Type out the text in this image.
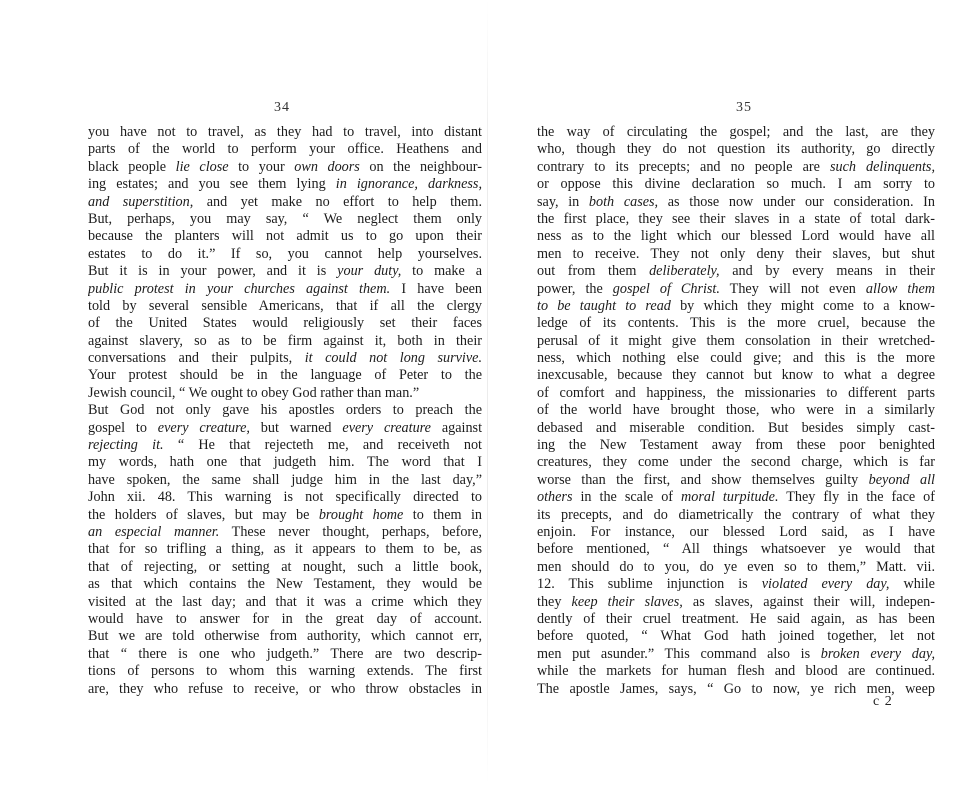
34
you have not to travel, as they had to travel, into distant
parts of the world to perform your office. Heathens and
black people lie close to your own doors on the neighbour-
ing estates; and you see them lying in ignorance, darkness,
and superstition, and yet make no effort to help them.
But, perhaps, you may say, “ We neglect them only
because the planters will not admit us to go upon their
estates to do it.” If so, you cannot help yourselves.
But it is in your power, and it is your duty, to make a
public protest in your churches against them. I have been
told by several sensible Americans, that if all the clergy
of the United States would religiously set their faces
against slavery, so as to be firm against it, both in their
conversations and their pulpits, it could not long survive.
Your protest should be in the language of Peter to the
Jewish council, “ We ought to obey God rather than man.”
But God not only gave his apostles orders to preach the
gospel to every creature, but warned every creature against
rejecting it. “ He that rejecteth me, and receiveth not
my words, hath one that judgeth him. The word that I
have spoken, the same shall judge him in the last day,”
John xii. 48. This warning is not specifically directed to
the holders of slaves, but may be brought home to them in
an especial manner. These never thought, perhaps, before,
that for so trifling a thing, as it appears to them to be, as
that of rejecting, or setting at nought, such a little book,
as that which contains the New Testament, they would be
visited at the last day; and that it was a crime which they
would have to answer for in the great day of account.
But we are told otherwise from authority, which cannot err,
that “ there is one who judgeth.” There are two descrip-
tions of persons to whom this warning extends. The first
are, they who refuse to receive, or who throw obstacles in
35
the way of circulating the gospel; and the last, are they
who, though they do not question its authority, go directly
contrary to its precepts; and no people are such delinquents,
or oppose this divine declaration so much. I am sorry to
say, in both cases, as those now under our consideration. In
the first place, they see their slaves in a state of total dark-
ness as to the light which our blessed Lord would have all
men to receive. They not only deny their slaves, but shut
out from them deliberately, and by every means in their
power, the gospel of Christ. They will not even allow them
to be taught to read by which they might come to a know-
ledge of its contents. This is the more cruel, because the
perusal of it might give them consolation in their wretched-
ness, which nothing else could give; and this is the more
inexcusable, because they cannot but know to what a degree
of comfort and happiness, the missionaries to different parts
of the world have brought those, who were in a similarly
debased and miserable condition. But besides simply cast-
ing the New Testament away from these poor benighted
creatures, they come under the second charge, which is far
worse than the first, and show themselves guilty beyond all
others in the scale of moral turpitude. They fly in the face of
its precepts, and do diametrically the contrary of what they
enjoin. For instance, our blessed Lord said, as I have
before mentioned, “ All things whatsoever ye would that
men should do to you, do ye even so to them,” Matt. vii.
12. This sublime injunction is violated every day, while
they keep their slaves, as slaves, against their will, indepen-
dently of their cruel treatment. He said again, as has been
before quoted, “ What God hath joined together, let not
men put asunder.” This command also is broken every day,
while the markets for human flesh and blood are continued.
The apostle James, says, “ Go to now, ye rich men, weep
c 2
